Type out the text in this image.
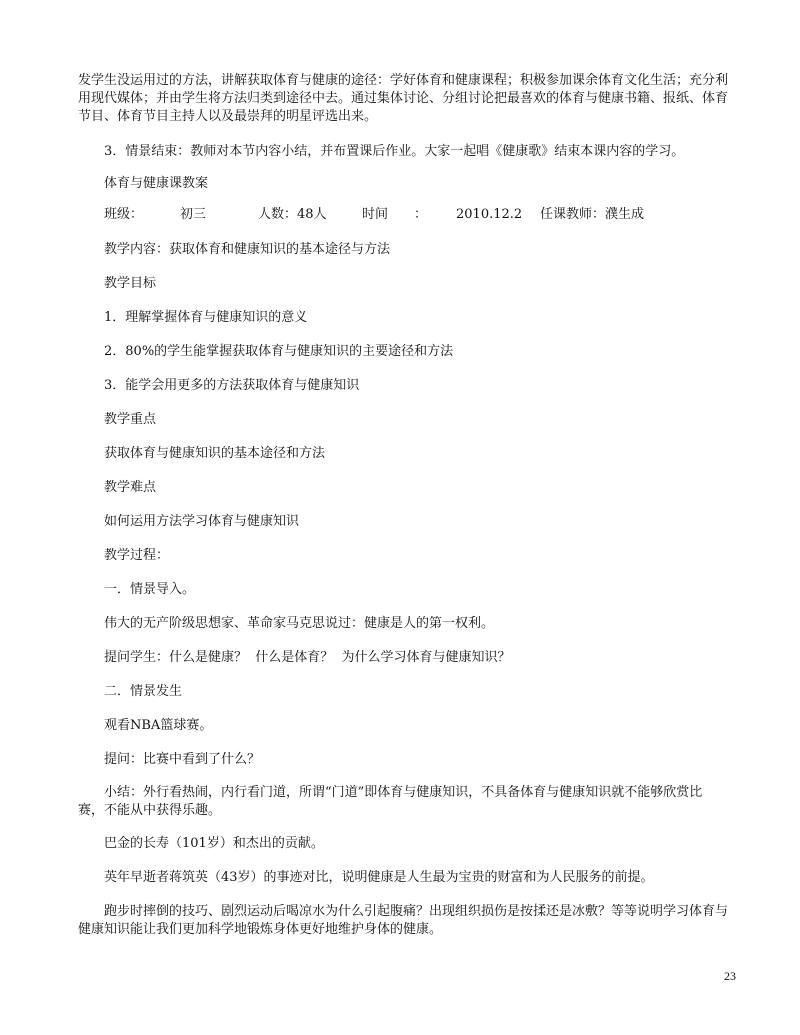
发学生没运用过的方法，讲解获取体育与健康的途径：学好体育和健康课程；积极参加课余体育文化生活；充分利用现代媒体；并由学生将方法归类到途径中去。通过集体讨论、分组讨论把最喜欢的体育与健康书籍、报纸、体育节目、体育节目主持人以及最崇拜的明星评选出来。

3．情景结束：教师对本节内容小结，并布置课后作业。大家一起唱《健康歌》结束本课内容的学习。

体育与健康课教案

班级：	初三	人数：48人	时间 ： 2010.12.2 任课教师：濮生成

教学内容：获取体育和健康知识的基本途径与方法

教学目标

1．理解掌握体育与健康知识的意义

2．80%的学生能掌握获取体育与健康知识的主要途径和方法

3．能学会用更多的方法获取体育与健康知识

教学重点

获取体育与健康知识的基本途径和方法

教学难点

如何运用方法学习体育与健康知识

教学过程：

一．情景导入。

伟大的无产阶级思想家、革命家马克思说过：健康是人的第一权利。

提问学生：什么是健康？  什么是体育？  为什么学习体育与健康知识？

二．情景发生

观看NBA篮球赛。

提问：比赛中看到了什么？

小结：外行看热闹，内行看门道，所谓“门道”即体育与健康知识，不具备体育与健康知识就不能够欣赏比赛，不能从中获得乐趣。

巴金的长寿（101岁）和杰出的贡献。

英年早逝者蒋筑英（43岁）的事迹对比，说明健康是人生最为宝贵的财富和为人民服务的前提。

跑步时摔倒的技巧、剧烈运动后喝凉水为什么引起腹痛？出现组织损伤是按揉还是冰敷？等等说明学习体育与健康知识能让我们更加科学地锻炼身体更好地维护身体的健康。

23
